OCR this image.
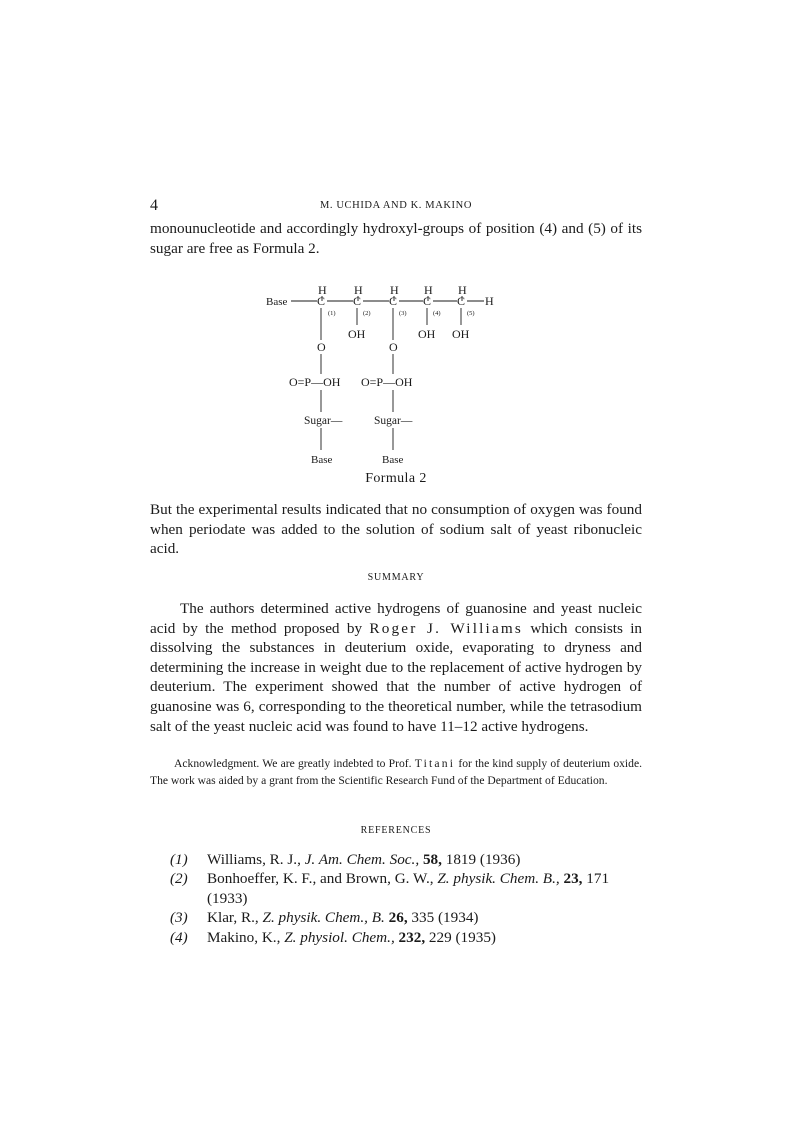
4	M. UCHIDA AND K. MAKINO

monounucleotide and accordingly hydroxyl-groups of position (4) and (5) of its sugar are free as Formula 2.

H H H H H
Base C C C C C H
(1)	(2)	(3)	(4)	(5)
OH	OH OH
O	O
O=P—OH O=P—OH
Sugar—	Sugar—
Base	Base
Formula 2

But the experimental results indicated that no consumption of oxygen was found when periodate was added to the solution of sodium salt of yeast ribonucleic acid.

SUMMARY

The authors determined active hydrogens of guanosine and yeast nucleic acid by the method proposed by Roger J. Williams which consists in dissolving the substances in deuterium oxide, evaporating to dryness and determining the increase in weight due to the replacement of active hydrogen by deuterium. The experiment showed that the number of active hydrogen of guanosine was 6, corresponding to the theoretical number, while the tetrasodium salt of the yeast nucleic acid was found to have 11–12 active hydrogens.

Acknowledgment. We are greatly indebted to Prof. Titani for the kind supply of deuterium oxide. The work was aided by a grant from the Scientific Research Fund of the Department of Education.

REFERENCES
(1) Williams, R. J., J. Am. Chem. Soc., 58, 1819 (1936)
(2) Bonhoeffer, K. F., and Brown, G. W., Z. physik. Chem. B., 23, 171 (1933)
(3) Klar, R., Z. physik. Chem., B. 26, 335 (1934)
(4) Makino, K., Z. physiol. Chem., 232, 229 (1935)
